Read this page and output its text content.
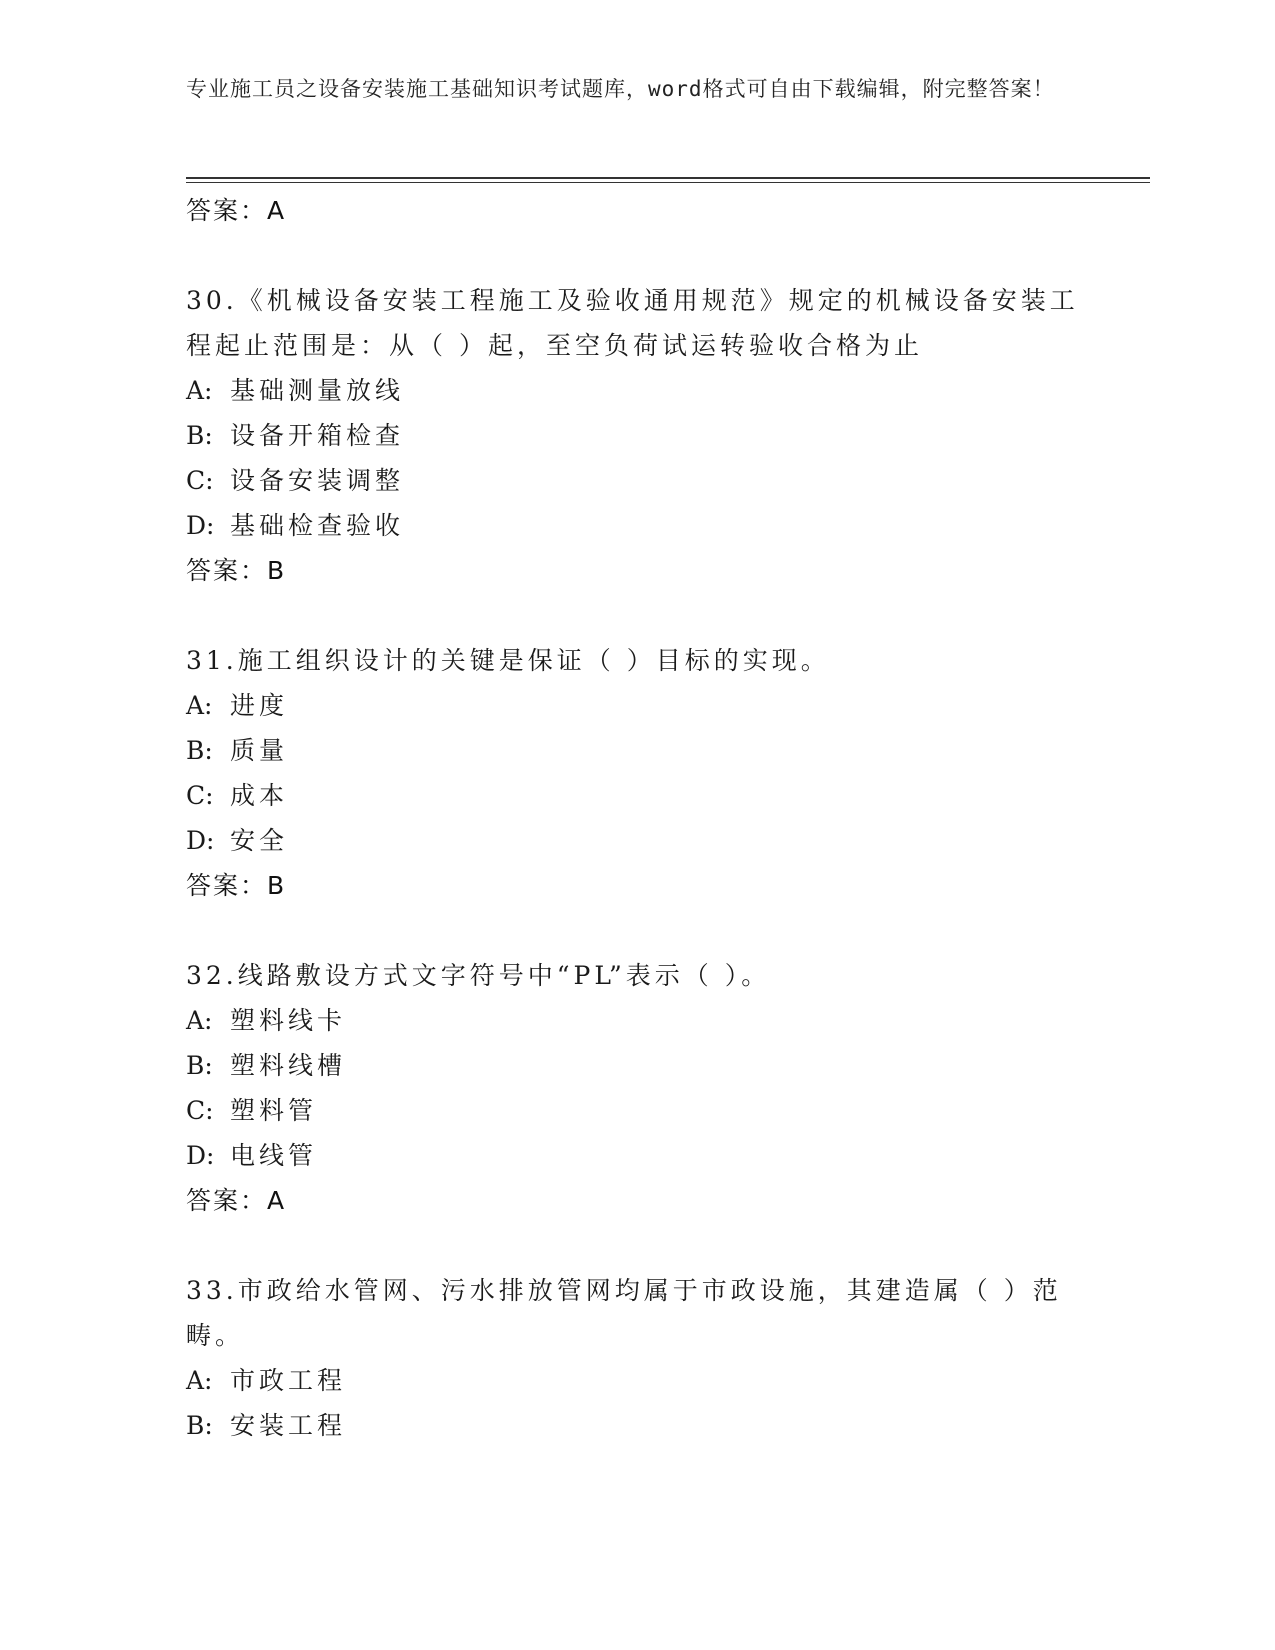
专业施工员之设备安装施工基础知识考试题库，word格式可自由下载编辑，附完整答案！
答案：A
30.《机械设备安装工程施工及验收通用规范》规定的机械设备安装工程起止范围是：从（ ）起，至空负荷试运转验收合格为止
A: 基础测量放线
B: 设备开箱检查
C: 设备安装调整
D: 基础检查验收
答案：B
31.施工组织设计的关键是保证（ ）目标的实现。
A: 进度
B: 质量
C: 成本
D: 安全
答案：B
32.线路敷设方式文字符号中“PL”表示（ ）。
A: 塑料线卡
B: 塑料线槽
C: 塑料管
D: 电线管
答案：A
33.市政给水管网、污水排放管网均属于市政设施，其建造属（ ）范畴。
A: 市政工程
B: 安装工程
